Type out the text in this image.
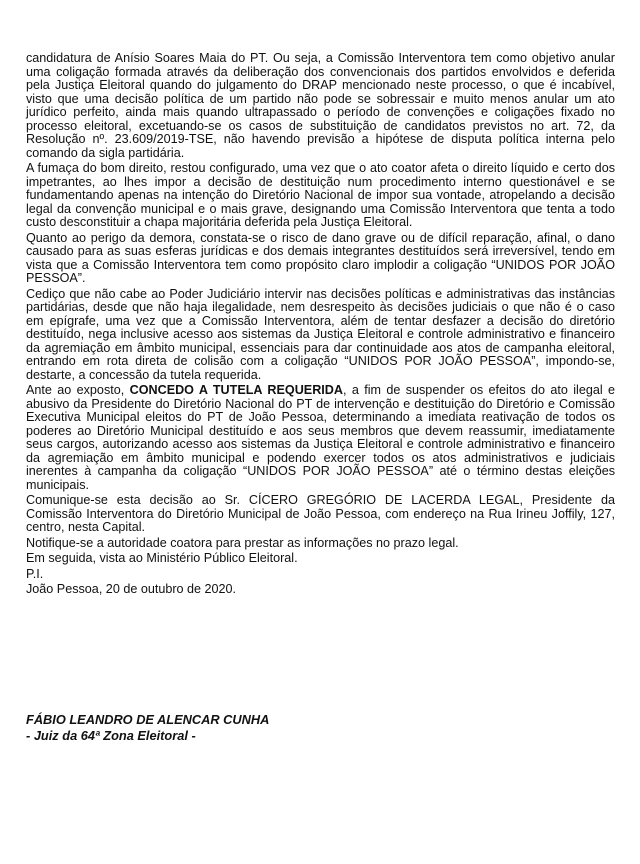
candidatura de Anísio Soares Maia do PT. Ou seja, a Comissão Interventora tem como objetivo anular uma coligação formada através da deliberação dos convencionais dos partidos envolvidos e deferida pela Justiça Eleitoral quando do julgamento do DRAP mencionado neste processo, o que é incabível, visto que uma decisão política de um partido não pode se sobressair e muito menos anular um ato jurídico perfeito, ainda mais quando ultrapassado o período de convenções e coligações fixado no processo eleitoral, excetuando-se os casos de substituição de candidatos previstos no art. 72, da Resolução nº. 23.609/2019-TSE, não havendo previsão a hipótese de disputa política interna pelo comando da sigla partidária.

A fumaça do bom direito, restou configurado, uma vez que o ato coator afeta o direito líquido e certo dos impetrantes, ao lhes impor a decisão de destituição num procedimento interno questionável e se fundamentando apenas na intenção do Diretório Nacional de impor sua vontade, atropelando a decisão legal da convenção municipal e o mais grave, designando uma Comissão Interventora que tenta a todo custo desconstituir a chapa majoritária deferida pela Justiça Eleitoral.

Quanto ao perigo da demora, constata-se o risco de dano grave ou de difícil reparação, afinal, o dano causado para as suas esferas jurídicas e dos demais integrantes destituídos será irreversível, tendo em vista que a Comissão Interventora tem como propósito claro implodir a coligação “UNIDOS POR JOÃO PESSOA”.

Cediço que não cabe ao Poder Judiciário intervir nas decisões políticas e administrativas das instâncias partidárias, desde que não haja ilegalidade, nem desrespeito às decisões judiciais o que não é o caso em epígrafe, uma vez que a Comissão Interventora, além de tentar desfazer a decisão do diretório destituído, nega inclusive acesso aos sistemas da Justiça Eleitoral e controle administrativo e financeiro da agremiação em âmbito municipal, essenciais para dar continuidade aos atos de campanha eleitoral, entrando em rota direta de colisão com a coligação “UNIDOS POR JOÃO PESSOA”, impondo-se, destarte, a concessão da tutela requerida.

Ante ao exposto, CONCEDO A TUTELA REQUERIDA, a fim de suspender os efeitos do ato ilegal e abusivo da Presidente do Diretório Nacional do PT de intervenção e destituição do Diretório e Comissão Executiva Municipal eleitos do PT de João Pessoa, determinando a imediata reativação de todos os poderes ao Diretório Municipal destituído e aos seus membros que devem reassumir, imediatamente seus cargos, autorizando acesso aos sistemas da Justiça Eleitoral e controle administrativo e financeiro da agremiação em âmbito municipal e podendo exercer todos os atos administrativos e judiciais inerentes à campanha da coligação “UNIDOS POR JOÃO PESSOA” até o término destas eleições municipais.

Comunique-se esta decisão ao Sr. CÍCERO GREGÓRIO DE LACERDA LEGAL, Presidente da Comissão Interventora do Diretório Municipal de João Pessoa, com endereço na Rua Irineu Joffily, 127, centro, nesta Capital.

Notifique-se a autoridade coatora para prestar as informações no prazo legal.

Em seguida, vista ao Ministério Público Eleitoral.

P.I.

João Pessoa, 20 de outubro de 2020.

FÁBIO LEANDRO DE ALENCAR CUNHA
- Juiz da 64ª Zona Eleitoral -
